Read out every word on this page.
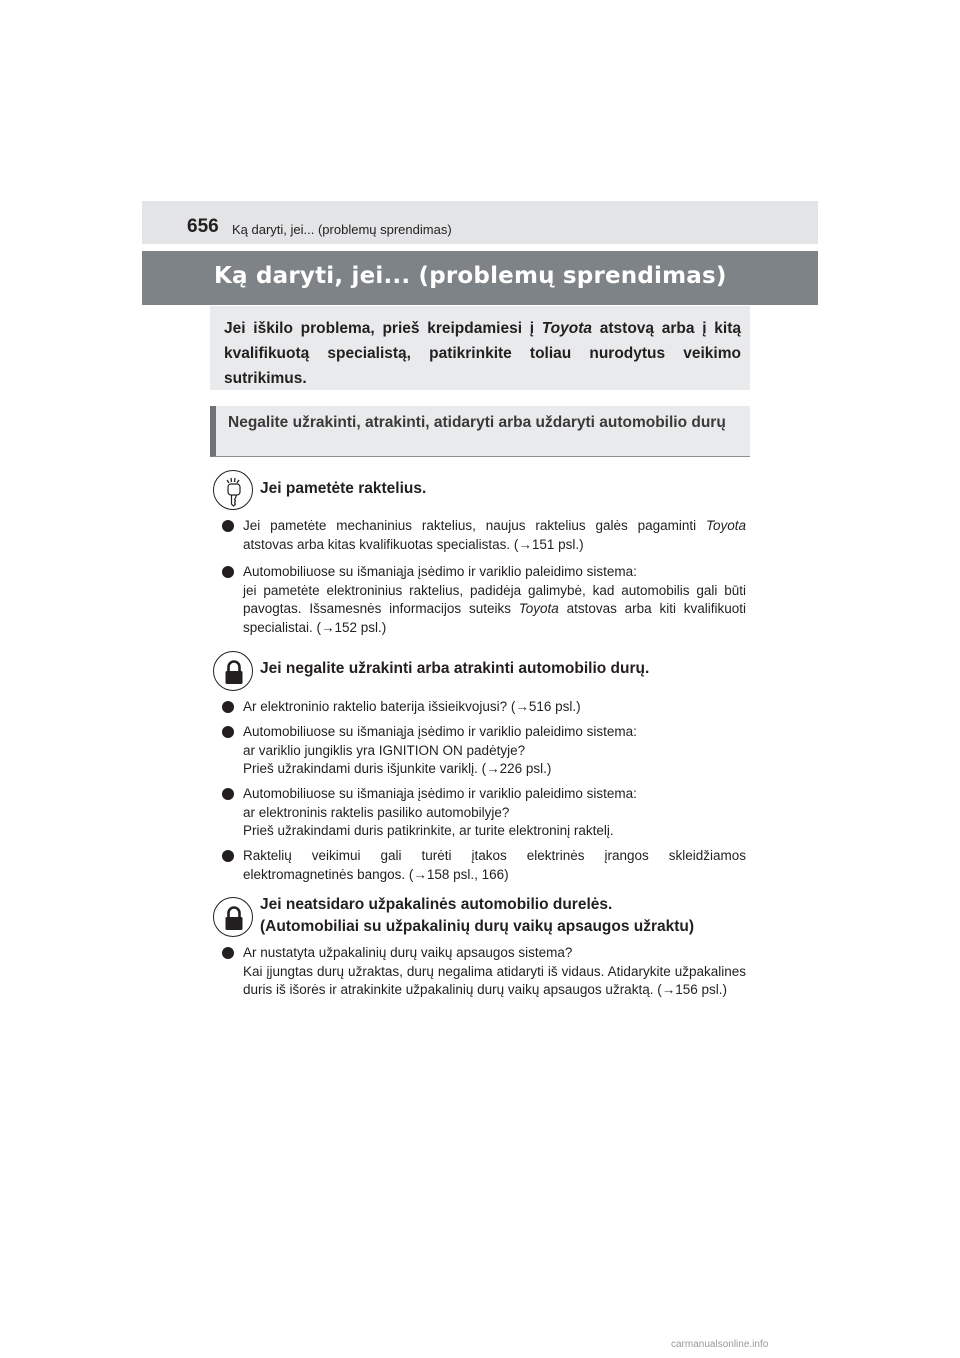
656 Ką daryti, jei... (problemų sprendimas)
Ką daryti, jei... (problemų sprendimas)

Jei iškilo problema, prieš kreipdamiesi į Toyota atstovą arba į kitą kvalifikuotą specialistą, patikrinkite toliau nurodytus veikimo sutrikimus.

Negalite užrakinti, atrakinti, atidaryti arba uždaryti automobilio durų

Jei pametėte raktelius.
Jei pametėte mechaninius raktelius, naujus raktelius galės pagaminti Toyota atstovas arba kitas kvalifikuotas specialistas. (→151 psl.)
Automobiliuose su išmaniąja įsėdimo ir variklio paleidimo sistema:
jei pametėte elektroninius raktelius, padidėja galimybė, kad automobilis gali būti pavogtas. Išsamesnės informacijos suteiks Toyota atstovas arba kiti kvalifikuoti specialistai. (→152 psl.)
Jei negalite užrakinti arba atrakinti automobilio durų.
Ar elektroninio raktelio baterija išsieikvojusi? (→516 psl.)
Automobiliuose su išmaniąja įsėdimo ir variklio paleidimo sistema:
ar variklio jungiklis yra IGNITION ON padėtyje?
Prieš užrakindami duris išjunkite variklį. (→226 psl.)
Automobiliuose su išmaniąja įsėdimo ir variklio paleidimo sistema:
ar elektroninis raktelis pasiliko automobilyje?
Prieš užrakindami duris patikrinkite, ar turite elektroninį raktelį.
Raktelių veikimui gali turėti įtakos elektrinės įrangos skleidžiamos elektromagnetinės bangos. (→158 psl., 166)
Jei neatsidaro užpakalinės automobilio durelės.
(Automobiliai su užpakalinių durų vaikų apsaugos užraktu)
Ar nustatyta užpakalinių durų vaikų apsaugos sistema?
Kai įjungtas durų užraktas, durų negalima atidaryti iš vidaus. Atidarykite užpakalines duris iš išorės ir atrakinkite užpakalinių durų vaikų apsaugos užraktą. (→156 psl.)
carmanualsonline.info
